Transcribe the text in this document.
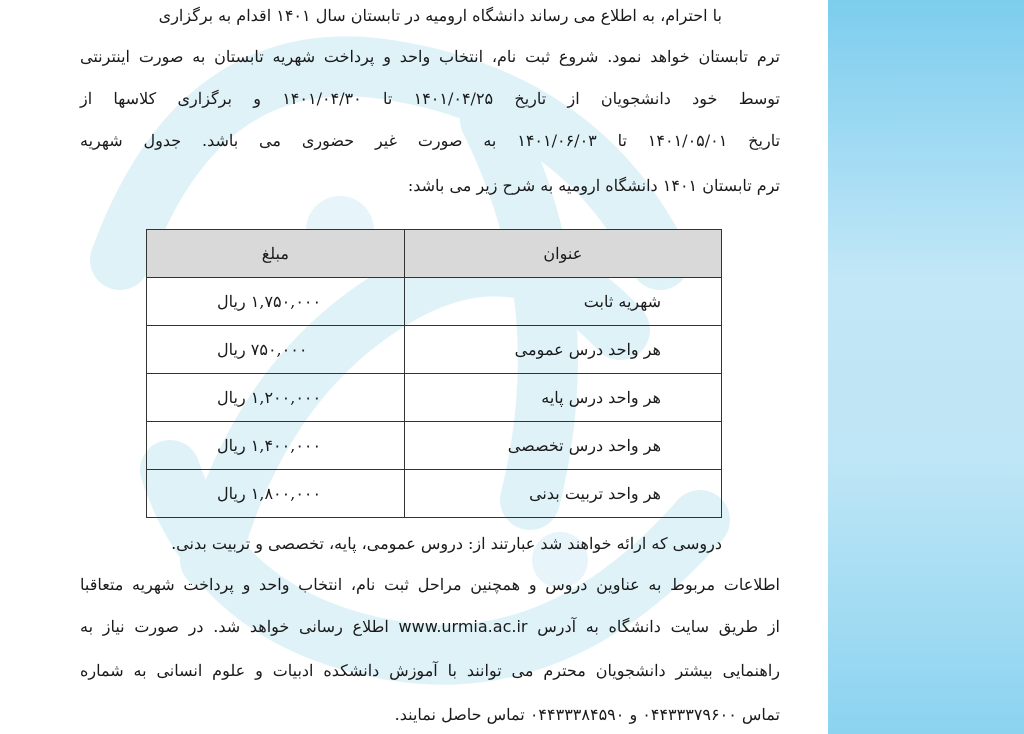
با احترام، به اطلاع می رساند دانشگاه ارومیه در تابستان سال ۱۴۰۱ اقدام به برگزاری
ترم تابستان خواهد نمود. شروع ثبت نام، انتخاب واحد و پرداخت شهریه تابستان به صورت اینترنتی
توسط خود دانشجویان از تاریخ ۱۴۰۱/۰۴/۲۵ تا ۱۴۰۱/۰۴/۳۰ و برگزاری کلاسها از
تاریخ ۱۴۰۱/۰۵/۰۱ تا ۱۴۰۱/۰۶/۰۳ به صورت غیر حضوری می باشد. جدول شهریه
ترم تابستان ۱۴۰۱ دانشگاه ارومیه به شرح زیر می باشد:
عنوان	مبلغ
شهریه ثابت	۱,۷۵۰,۰۰۰ ریال
هر واحد درس عمومی	۷۵۰,۰۰۰ ریال
هر واحد درس پایه	۱,۲۰۰,۰۰۰ ریال
هر واحد درس تخصصی	۱,۴۰۰,۰۰۰ ریال
هر واحد تربیت بدنی	۱,۸۰۰,۰۰۰ ریال
دروسی که ارائه خواهند شد عبارتند از: دروس عمومی، پایه، تخصصی و تربیت بدنی.
اطلاعات مربوط به عناوین دروس و همچنین مراحل ثبت نام، انتخاب واحد و پرداخت شهریه متعاقبا
از طریق سایت دانشگاه به آدرس www.urmia.ac.ir اطلاع رسانی خواهد شد. در صورت نیاز به
راهنمایی بیشتر دانشجویان محترم می توانند با آموزش دانشکده ادبیات و علوم انسانی به شماره
تماس ۰۴۴۳۳۳۷۹۶۰۰ و ۰۴۴۳۳۳۸۴۵۹۰ تماس حاصل نمایند.
